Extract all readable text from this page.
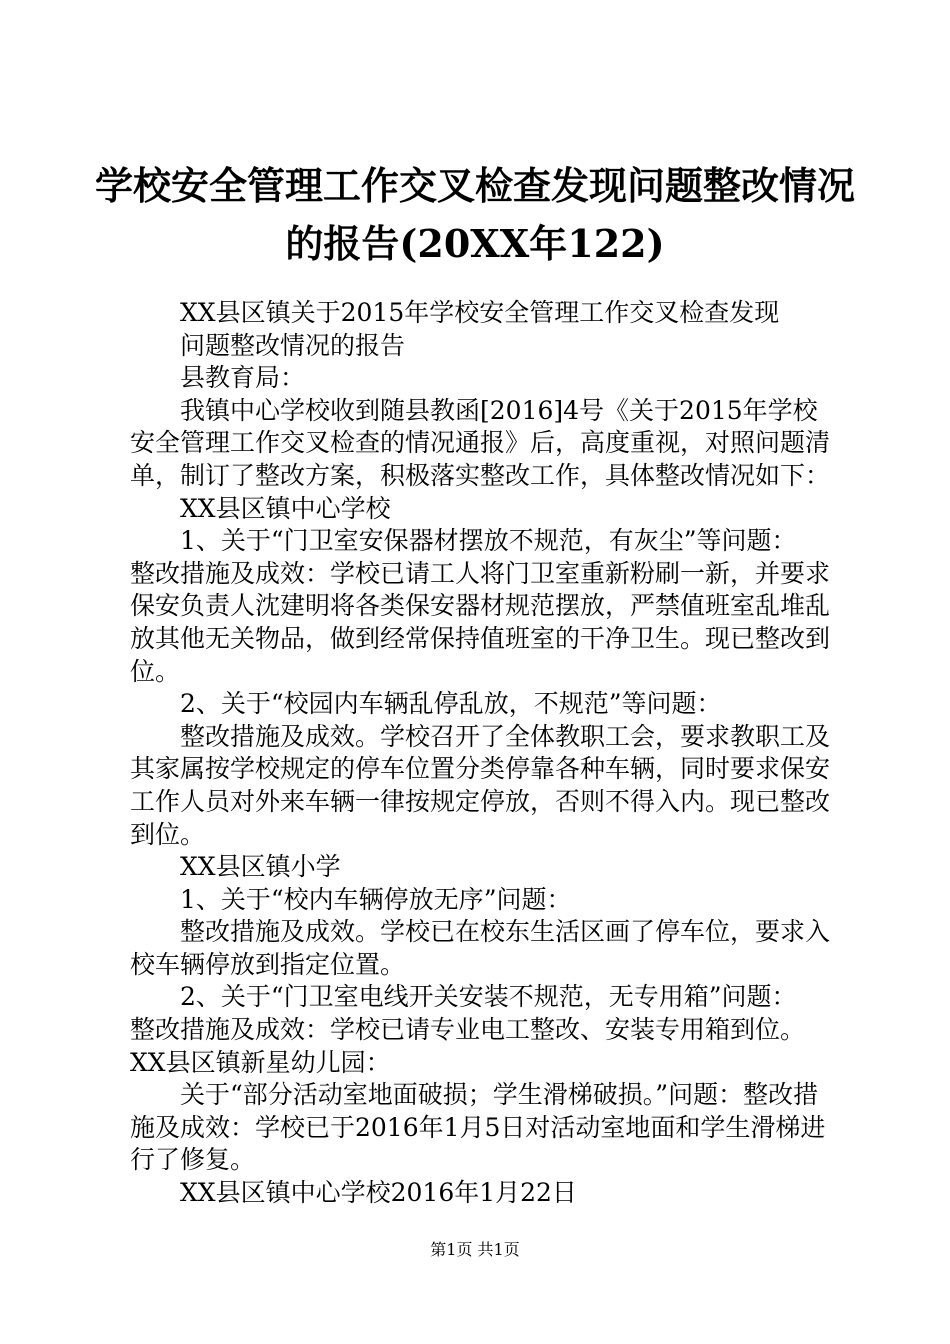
学校安全管理工作交叉检查发现问题整改情况
的报告(20XX年122)

XX县区镇关于2015年学校安全管理工作交叉检查发现

问题整改情况的报告

县教育局：

我镇中心学校收到随县教函[2016]4号《关于2015年学校安全管理工作交叉检查的情况通报》后，高度重视，对照问题清单，制订了整改方案，积极落实整改工作，具体整改情况如下：

XX县区镇中心学校

1、关于“门卫室安保器材摆放不规范，有灰尘”等问题：

整改措施及成效：学校已请工人将门卫室重新粉刷一新，并要求保安负责人沈建明将各类保安器材规范摆放，严禁值班室乱堆乱放其他无关物品，做到经常保持值班室的干净卫生。现已整改到位。

2、关于“校园内车辆乱停乱放，不规范”等问题：

整改措施及成效。学校召开了全体教职工会，要求教职工及其家属按学校规定的停车位置分类停靠各种车辆，同时要求保安工作人员对外来车辆一律按规定停放，否则不得入内。现已整改到位。

XX县区镇小学

1、关于“校内车辆停放无序”问题：

整改措施及成效。学校已在校东生活区画了停车位，要求入校车辆停放到指定位置。

2、关于“门卫室电线开关安装不规范，无专用箱”问题：

整改措施及成效：学校已请专业电工整改、安装专用箱到位。XX县区镇新星幼儿园：

关于“部分活动室地面破损；学生滑梯破损。”问题：整改措施及成效：学校已于2016年1月5日对活动室地面和学生滑梯进行了修复。

XX县区镇中心学校2016年1月22日

第1页 共1页
